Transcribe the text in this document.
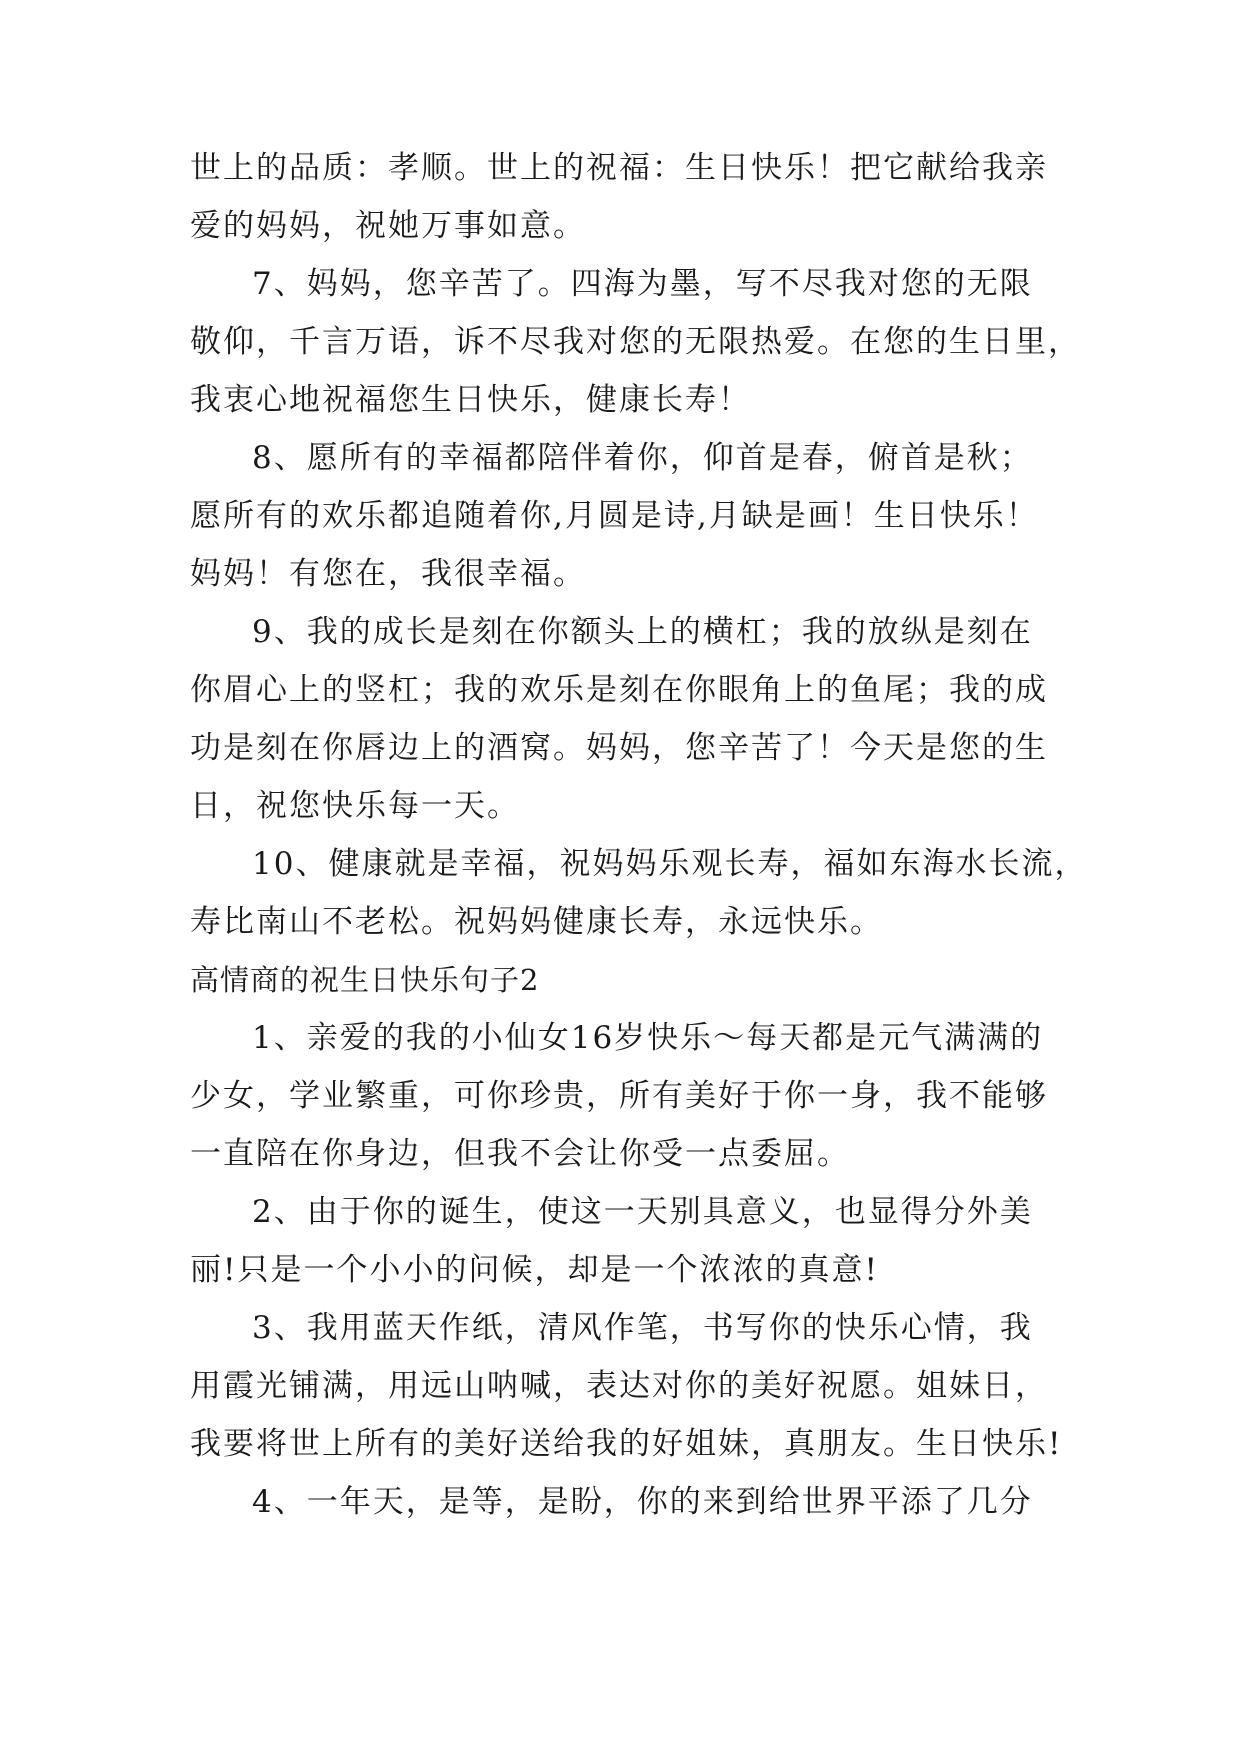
世上的品质：孝顺。世上的祝福：生日快乐！把它献给我亲
爱的妈妈，祝她万事如意。
7、妈妈，您辛苦了。四海为墨，写不尽我对您的无限
敬仰，千言万语，诉不尽我对您的无限热爱。在您的生日里，
我衷心地祝福您生日快乐，健康长寿！
8、愿所有的幸福都陪伴着你，仰首是春，俯首是秋；
愿所有的欢乐都追随着你,月圆是诗,月缺是画！生日快乐！
妈妈！有您在，我很幸福。
9、我的成长是刻在你额头上的横杠；我的放纵是刻在
你眉心上的竖杠；我的欢乐是刻在你眼角上的鱼尾；我的成
功是刻在你唇边上的酒窝。妈妈，您辛苦了！今天是您的生
日，祝您快乐每一天。
10、健康就是幸福，祝妈妈乐观长寿，福如东海水长流，
寿比南山不老松。祝妈妈健康长寿，永远快乐。
高情商的祝生日快乐句子2
1、亲爱的我的小仙女16岁快乐～每天都是元气满满的
少女，学业繁重，可你珍贵，所有美好于你一身，我不能够
一直陪在你身边，但我不会让你受一点委屈。
2、由于你的诞生，使这一天别具意义，也显得分外美
丽!只是一个小小的问候，却是一个浓浓的真意!
3、我用蓝天作纸，清风作笔，书写你的快乐心情，我
用霞光铺满，用远山呐喊，表达对你的美好祝愿。姐妹日，
我要将世上所有的美好送给我的好姐妹，真朋友。生日快乐!
4、一年天，是等，是盼，你的来到给世界平添了几分
